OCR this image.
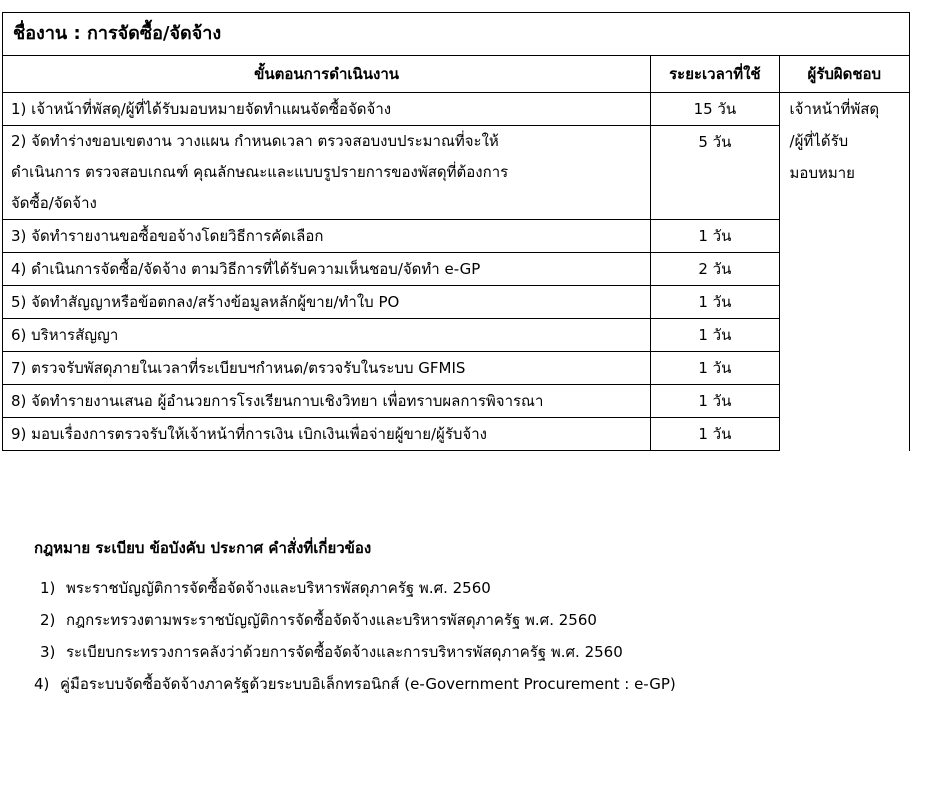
ชื่องาน : การจัดซื้อ/จัดจ้าง		
ขั้นตอนการดำเนินงาน	ระยะเวลาที่ใช้	ผู้รับผิดชอบ
1) เจ้าหน้าที่พัสดุ/ผู้ที่ได้รับมอบหมายจัดทำแผนจัดซื้อจัดจ้าง	15 วัน	เจ้าหน้าที่พัสดุ
/ผู้ที่ได้รับ
มอบหมาย

2) จัดทำร่างขอบเขตงาน วางแผน กำหนดเวลา ตรวจสอบงบประมาณที่จะให้
ดำเนินการ ตรวจสอบเกณฑ์ คุณลักษณะและแบบรูปรายการของพัสดุที่ต้องการ
จัดซื้อ/จัดจ้าง	5 วัน	
3) จัดทำรายงานขอซื้อขอจ้างโดยวิธีการคัดเลือก	1 วัน	
4) ดำเนินการจัดซื้อ/จัดจ้าง ตามวิธีการที่ได้รับความเห็นชอบ/จัดทำ e-GP	2 วัน	
5) จัดทำสัญญาหรือข้อตกลง/สร้างข้อมูลหลักผู้ขาย/ทำใบ PO	1 วัน	
6) บริหารสัญญา	1 วัน	
7) ตรวจรับพัสดุภายในเวลาที่ระเบียบฯกำหนด/ตรวจรับในระบบ GFMIS	1 วัน	
8) จัดทำรายงานเสนอ ผู้อำนวยการโรงเรียนกาบเชิงวิทยา เพื่อทราบผลการพิจารณา	1 วัน	
9) มอบเรื่องการตรวจรับให้เจ้าหน้าที่การเงิน เบิกเงินเพื่อจ่ายผู้ขาย/ผู้รับจ้าง	1 วัน	
กฎหมาย ระเบียบ ข้อบังคับ ประกาศ คำสั่งที่เกี่ยวข้อง
1) พระราชบัญญัติการจัดซื้อจัดจ้างและบริหารพัสดุภาครัฐ พ.ศ. 2560
2) กฎกระทรวงตามพระราชบัญญัติการจัดซื้อจัดจ้างและบริหารพัสดุภาครัฐ พ.ศ. 2560
3) ระเบียบกระทรวงการคลังว่าด้วยการจัดซื้อจัดจ้างและการบริหารพัสดุภาครัฐ พ.ศ. 2560
4) คู่มือระบบจัดซื้อจัดจ้างภาครัฐด้วยระบบอิเล็กทรอนิกส์ (e-Government Procurement : e-GP)
